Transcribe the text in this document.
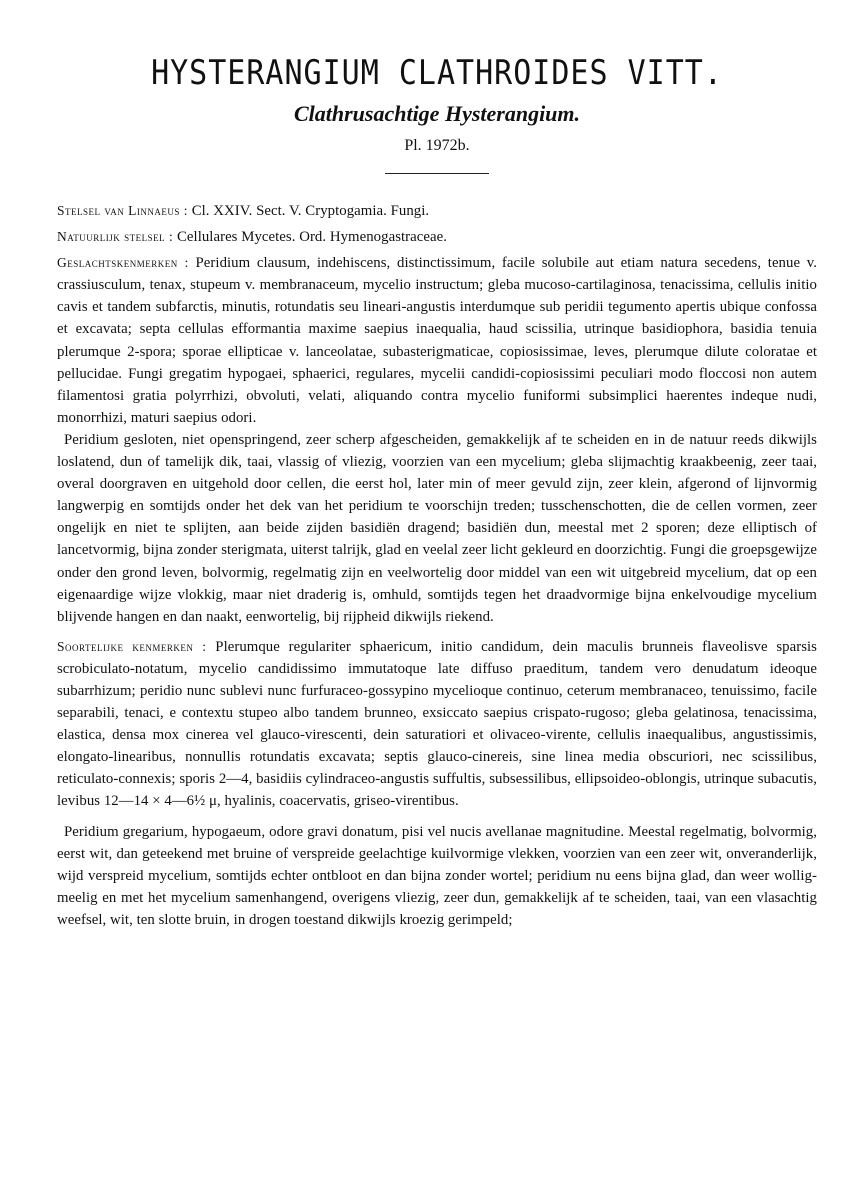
HYSTERANGIUM CLATHROIDES VITT.
Clathrusachtige Hysterangium.
Pl. 1972b.

Stelsel van Linnaeus : Cl. XXIV. Sect. V. Cryptogamia. Fungi.

Natuurlijk stelsel : Cellulares Mycetes. Ord. Hymenogastraceae.

Geslachtskenmerken : Peridium clausum, indehiscens, distinctissimum, facile solubile aut etiam natura secedens, tenue v. crassiusculum, tenax, stupeum v. membranaceum, mycelio instructum; gleba mucoso-cartilaginosa, tenacissima, cellulis initio cavis et tandem subfarctis, minutis, rotundatis seu lineari-angustis interdumque sub peridii tegumento apertis ubique confossa et excavata; septa cellulas efformantia maxime saepius inaequalia, haud scissilia, utrinque basidiophora, basidia tenuia plerumque 2-spora; sporae ellipticae v. lanceolatae, subasterigmaticae, copiosissimae, leves, plerumque dilute coloratae et pellucidae. Fungi gregatim hypogaei, sphaerici, regulares, mycelii candidi-copiosissimi peculiari modo floccosi non autem filamentosi gratia polyrrhizi, obvoluti, velati, aliquando contra mycelio funiformi subsimplici haerentes indeque nudi, monorrhizi, maturi saepius odori.

Peridium gesloten, niet openspringend, zeer scherp afgescheiden, gemakkelijk af te scheiden en in de natuur reeds dikwijls loslatend, dun of tamelijk dik, taai, vlassig of vliezig, voorzien van een mycelium; gleba slijmachtig kraakbeenig, zeer taai, overal doorgraven en uitgehold door cellen, die eerst hol, later min of meer gevuld zijn, zeer klein, afgerond of lijnvormig langwerpig en somtijds onder het dek van het peridium te voorschijn treden; tusschenschotten, die de cellen vormen, zeer ongelijk en niet te splijten, aan beide zijden basidiën dragend; basidiën dun, meestal met 2 sporen; deze elliptisch of lancetvormig, bijna zonder sterigmata, uiterst talrijk, glad en veelal zeer licht gekleurd en doorzichtig. Fungi die groepsgewijze onder den grond leven, bolvormig, regelmatig zijn en veelwortelig door middel van een wit uitgebreid mycelium, dat op een eigenaardige wijze vlokkig, maar niet draderig is, omhuld, somtijds tegen het draadvormige bijna enkelvoudige mycelium blijvende hangen en dan naakt, eenwortelig, bij rijpheid dikwijls riekend.

Soortelijke kenmerken : Plerumque regulariter sphaericum, initio candidum, dein maculis brunneis flaveolisve sparsis scrobiculato-notatum, mycelio candidissimo immutatoque late diffuso praeditum, tandem vero denudatum ideoque subarrhizum; peridio nunc sublevi nunc furfuraceo-gossypino mycelioque continuo, ceterum membranaceo, tenuissimo, facile separabili, tenaci, e contextu stupeo albo tandem brunneo, exsiccato saepius crispato-rugoso; gleba gelatinosa, tenacissima, elastica, densa mox cinerea vel glauco-virescenti, dein saturatiori et olivaceo-virente, cellulis inaequalibus, angustissimis, elongato-linearibus, nonnullis rotundatis excavata; septis glauco-cinereis, sine linea media obscuriori, nec scissilibus, reticulato-connexis; sporis 2—4, basidiis cylindraceo-angustis suffultis, subsessilibus, ellipsoideo-oblongis, utrinque subacutis, levibus 12—14 × 4—6½ μ, hyalinis, coacervatis, griseo-virentibus.

Peridium gregarium, hypogaeum, odore gravi donatum, pisi vel nucis avellanae magnitudine. Meestal regelmatig, bolvormig, eerst wit, dan geteekend met bruine of verspreide geelachtige kuilvormige vlekken, voorzien van een zeer wit, onveranderlijk, wijd verspreid mycelium, somtijds echter ontbloot en dan bijna zonder wortel; peridium nu eens bijna glad, dan weer wollig-meelig en met het mycelium samenhangend, overigens vliezig, zeer dun, gemakkelijk af te scheiden, taai, van een vlasachtig weefsel, wit, ten slotte bruin, in drogen toestand dikwijls kroezig gerimpeld;
